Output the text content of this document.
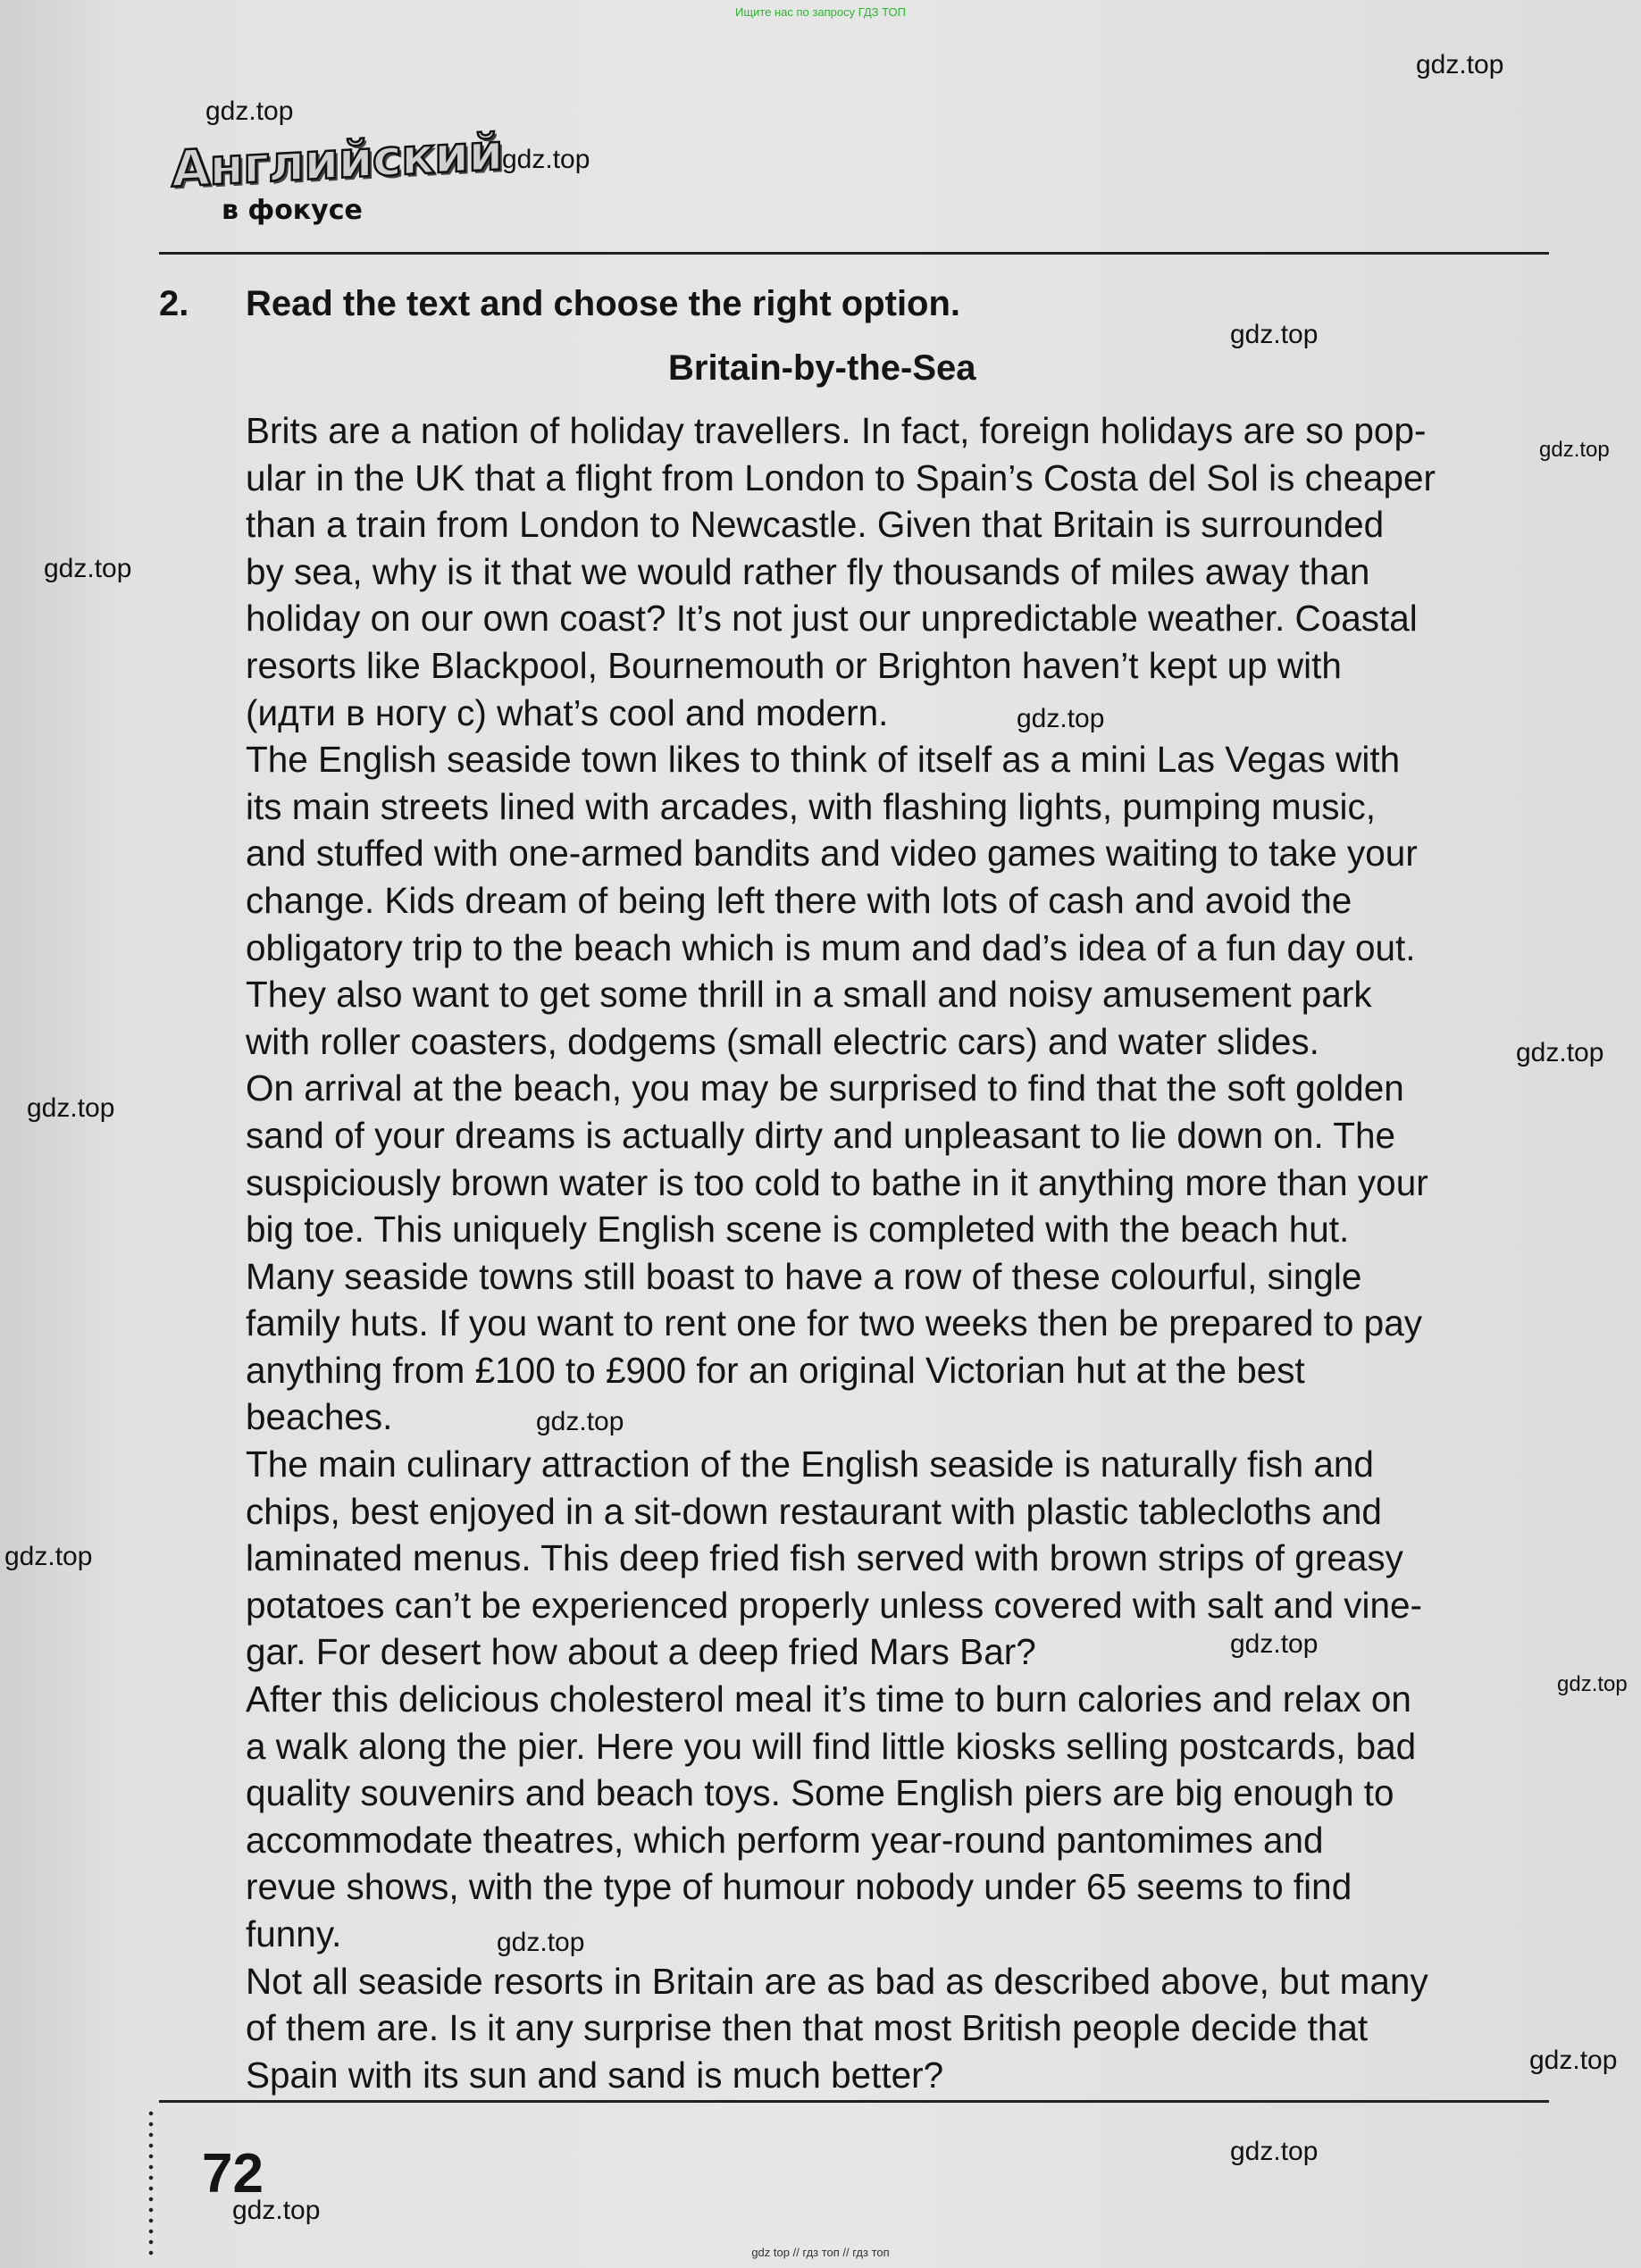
Ищите нас по запросу ГДЗ ТОП
Английский
в фокусе
2. Read the text and choose the right option.
Britain-by-the-Sea

Brits are a nation of holiday travellers. In fact, foreign holidays are so pop-

ular in the UK that a flight from London to Spain’s Costa del Sol is cheaper

than a train from London to Newcastle. Given that Britain is surrounded

by sea, why is it that we would rather fly thousands of miles away than

holiday on our own coast? It’s not just our unpredictable weather. Coastal

resorts like Blackpool, Bournemouth or Brighton haven’t kept up with

(идти в ногу с) what’s cool and modern.

The English seaside town likes to think of itself as a mini Las Vegas with

its main streets lined with arcades, with flashing lights, pumping music,

and stuffed with one-armed bandits and video games waiting to take your

change. Kids dream of being left there with lots of cash and avoid the

obligatory trip to the beach which is mum and dad’s idea of a fun day out.

They also want to get some thrill in a small and noisy amusement park

with roller coasters, dodgems (small electric cars) and water slides.

On arrival at the beach, you may be surprised to find that the soft golden

sand of your dreams is actually dirty and unpleasant to lie down on. The

suspiciously brown water is too cold to bathe in it anything more than your

big toe. This uniquely English scene is completed with the beach hut.

Many seaside towns still boast to have a row of these colourful, single

family huts. If you want to rent one for two weeks then be prepared to pay

anything from £100 to £900 for an original Victorian hut at the best

beaches.

The main culinary attraction of the English seaside is naturally fish and

chips, best enjoyed in a sit-down restaurant with plastic tablecloths and

laminated menus. This deep fried fish served with brown strips of greasy

potatoes can’t be experienced properly unless covered with salt and vine-

gar. For desert how about a deep fried Mars Bar?

After this delicious cholesterol meal it’s time to burn calories and relax on

a walk along the pier. Here you will find little kiosks selling postcards, bad

quality souvenirs and beach toys. Some English piers are big enough to

accommodate theatres, which perform year-round pantomimes and

revue shows, with the type of humour nobody under 65 seems to find

funny.

Not all seaside resorts in Britain are as bad as described above, but many

of them are. Is it any surprise then that most British people decide that

Spain with its sun and sand is much better?

72
gdz.top
gdz.top
gdz.top
gdz.top
gdz.top
gdz.top
gdz.top
gdz.top
gdz.top
gdz.top
gdz.top
gdz.top
gdz.top
gdz.top
gdz.top
gdz.top
gdz.top
gdz top // гдз топ // гдз топ
